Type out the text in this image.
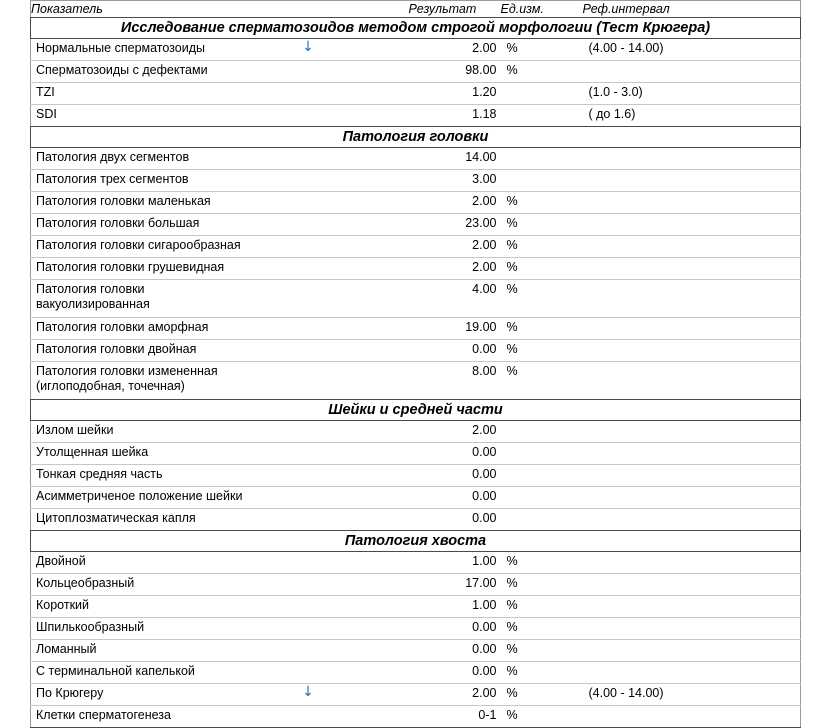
Показатель	Результат	Ед.изм.	Реф.интервал
Исследование сперматозоидов методом строгой морфологии (Тест Крюгера)			
Нормальные сперматозоиды ↓	2.00	%	(4.00 - 14.00)
Сперматозоиды с дефектами	98.00	%	
TZI	1.20		(1.0 - 3.0)
SDI	1.18		( до 1.6)
Патология головки			
Патология двух сегментов	14.00		
Патология трех сегментов	3.00		
Патология головки маленькая	2.00	%	
Патология головки большая	23.00	%	
Патология головки сигарообразная	2.00	%	
Патология головки грушевидная	2.00	%	
Патология головки
вакуолизированная	4.00	%	
Патология головки аморфная	19.00	%	
Патология головки двойная	0.00	%	
Патология головки измененная
(иглоподобная, точечная)	8.00	%	
Шейки и средней части			
Излом шейки	2.00		
Утолщенная шейка	0.00		
Тонкая средняя часть	0.00		
Асимметриченое положение шейки	0.00		
Цитоплозматическая капля	0.00		
Патология хвоста			
Двойной	1.00	%	
Кольцеобразный	17.00	%	
Короткий	1.00	%	
Шпилькообразный	0.00	%	
Ломанный	0.00	%	
С терминальной капелькой	0.00	%	
По Крюгеру ↓	2.00	%	(4.00 - 14.00)
Клетки сперматогенеза	0-1	%	
